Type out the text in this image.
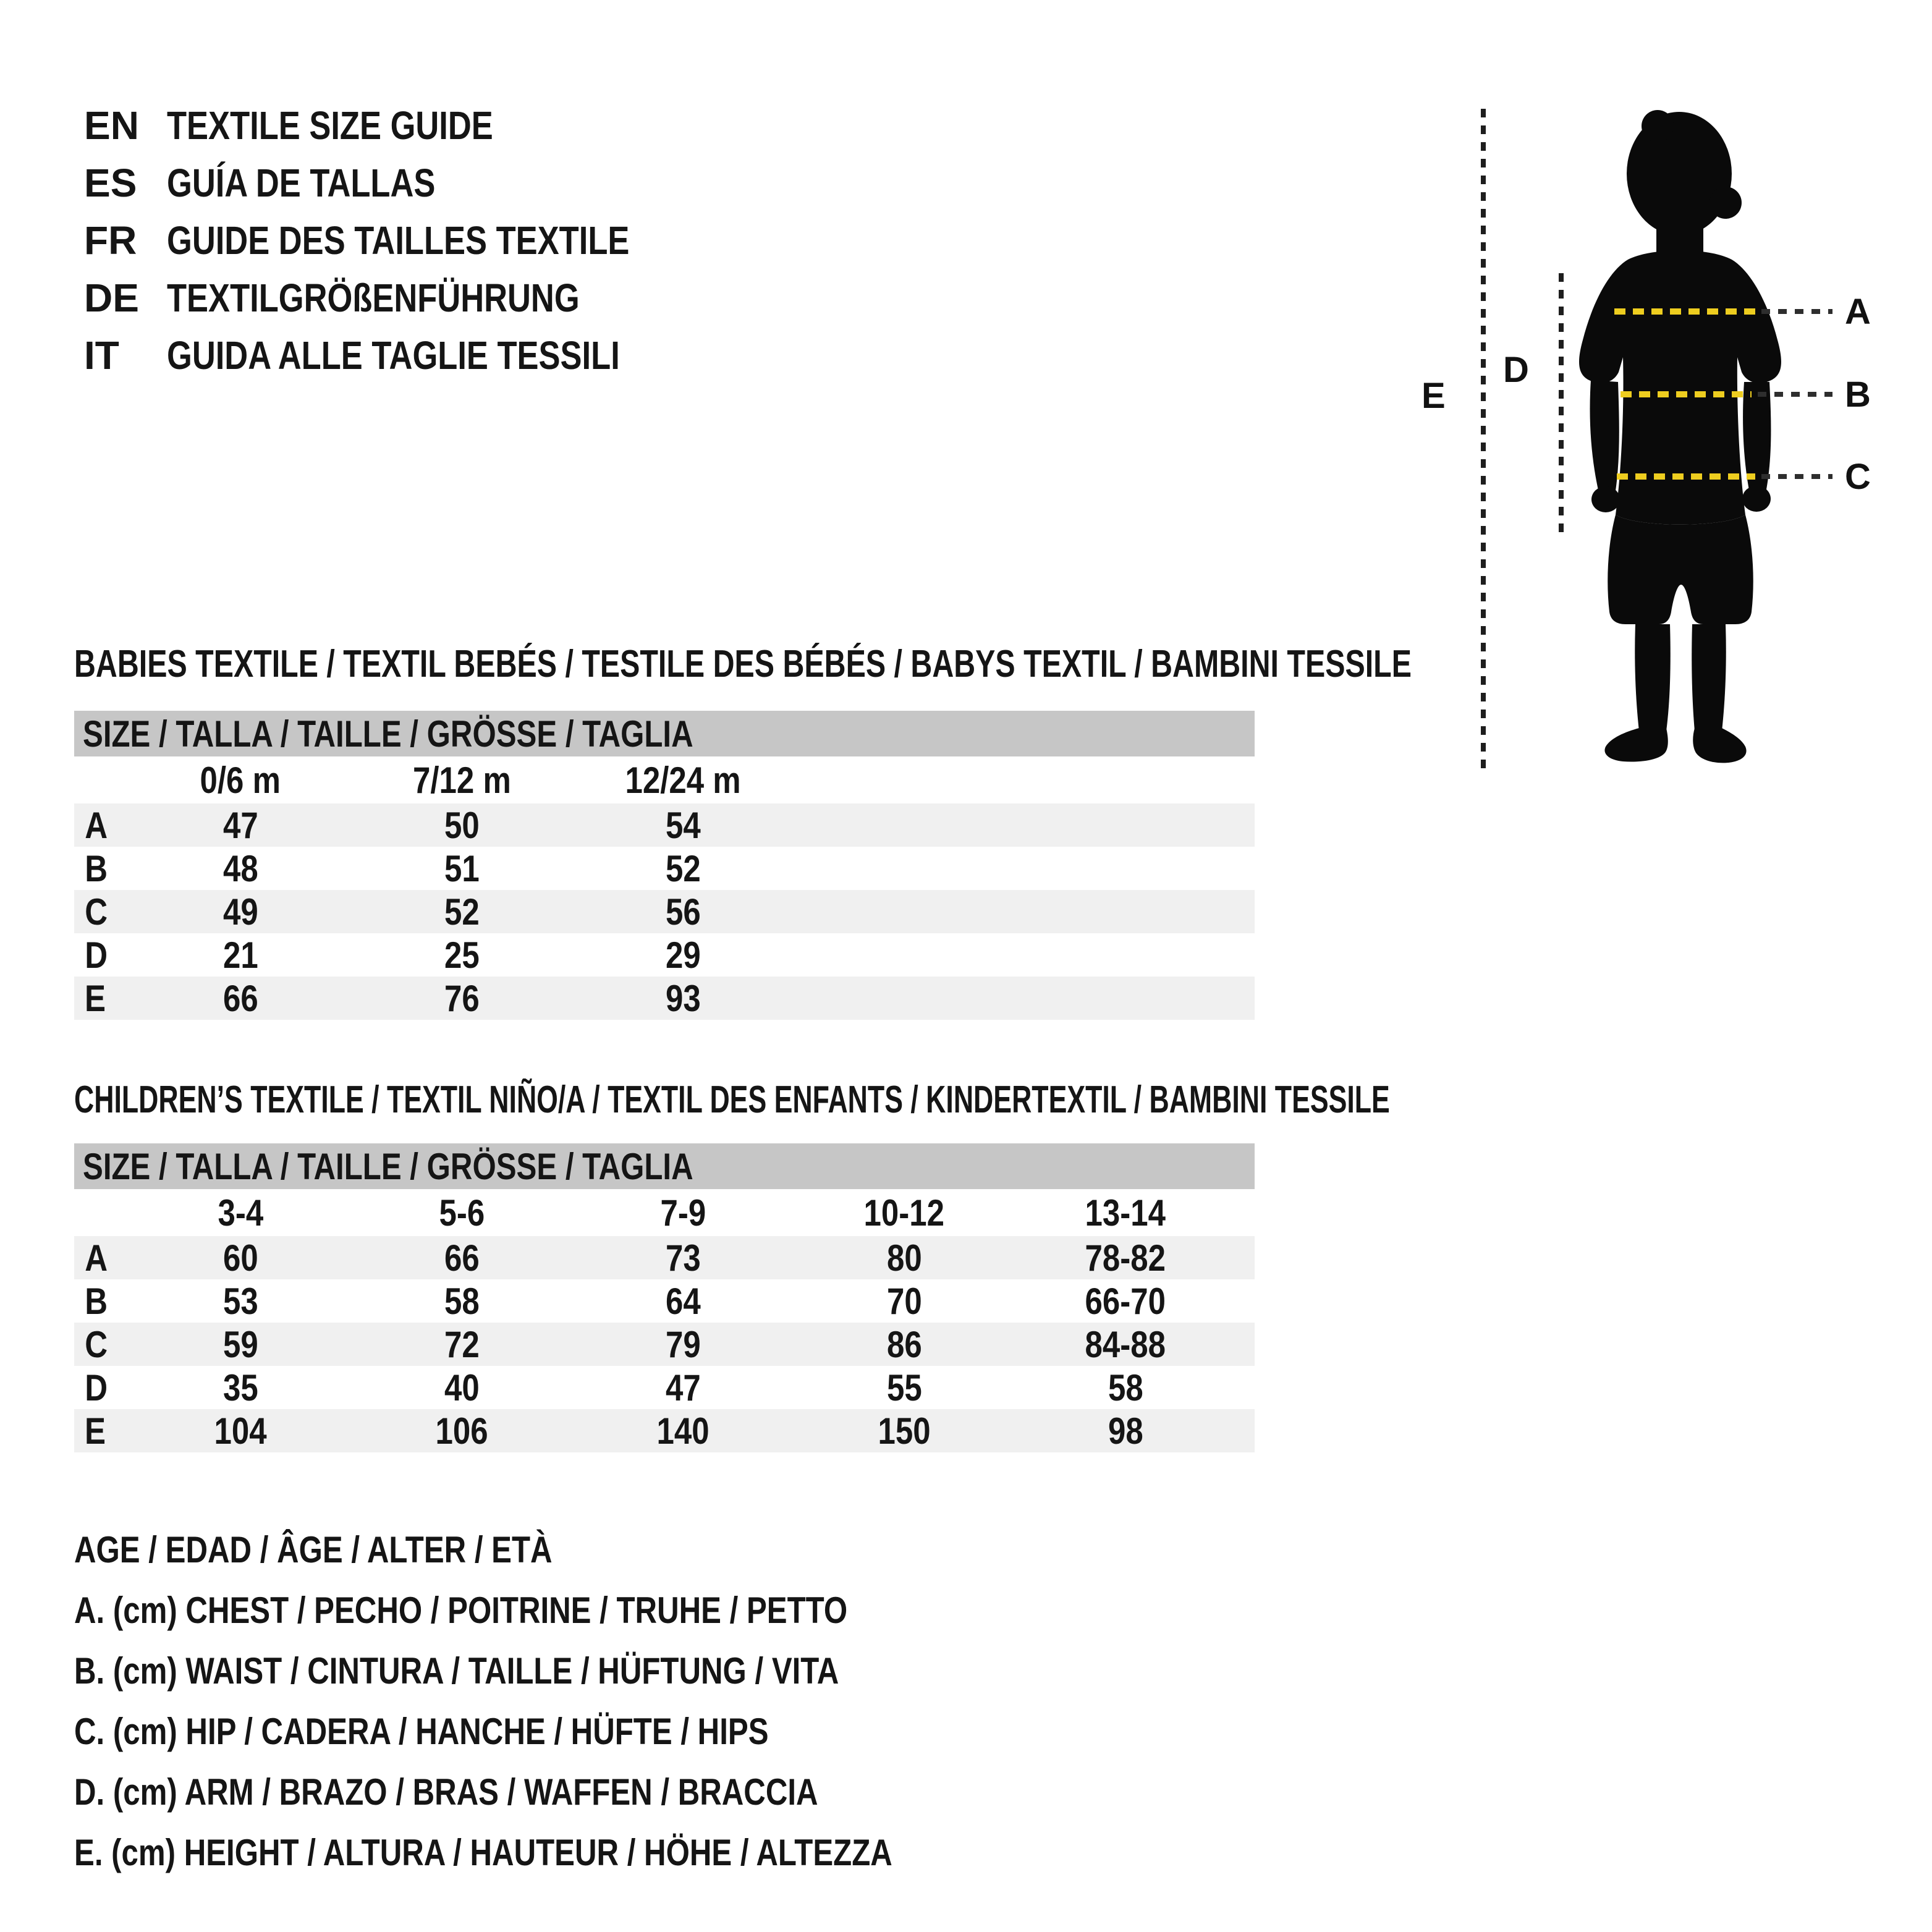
EN TEXTILE SIZE GUIDE
ES GUÍA DE TALLAS
FR GUIDE DES TAILLES TEXTILE
DE TEXTILGRÖßENFÜHRUNG
IT	GUIDA ALLE TAGLIE TESSILI
E
D
A
B
C
BABIES TEXTILE / TEXTIL BEBÉS / TESTILE DES BÉBÉS / BABYS TEXTIL / BAMBINI TESSILE
SIZE / TALLA / TAILLE / GRÖSSE / TAGLIA
0/6 m	7/12 m	12/24 m
A	47	50	54
B	48	51	52
C	49	52	56
D	21	25	29
E	66	76	93
CHILDREN’S TEXTILE / TEXTIL NIÑO/A / TEXTIL DES ENFANTS / KINDERTEXTIL / BAMBINI TESSILE
SIZE / TALLA / TAILLE / GRÖSSE / TAGLIA
3-4	5-6	7-9	10-12	13-14
A	60	66	73	80	78-82
B	53	58	64	70	66-70
C	59	72	79	86	84-88
D	35	40	47	55	58
E	104	106	140	150	98
AGE / EDAD / ÂGE / ALTER / ETÀ
A. (cm) CHEST / PECHO / POITRINE / TRUHE / PETTO
B. (cm) WAIST / CINTURA / TAILLE / HÜFTUNG / VITA
C. (cm) HIP / CADERA / HANCHE / HÜFTE / HIPS
D. (cm) ARM / BRAZO / BRAS / WAFFEN / BRACCIA
E. (cm) HEIGHT / ALTURA / HAUTEUR / HÖHE / ALTEZZA
